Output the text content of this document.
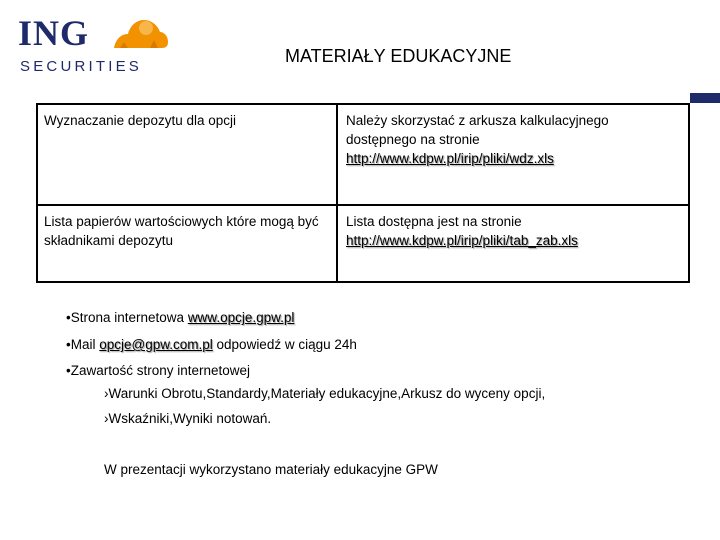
ING
SECURITIES
MATERIAŁY EDUKACYJNE
Wyznaczanie depozytu dla opcji	Należy skorzystać z arkusza kalkulacyjnego dostępnego na stronie
http://www.kdpw.pl/irip/pliki/wdz.xls
Lista papierów wartościowych które mogą być składnikami depozytu
Lista dostępna jest na stronie
http://www.kdpw.pl/irip/pliki/tab_zab.xls
•Strona internetowa www.opcje.gpw.pl
•Mail opcje@gpw.com.pl odpowiedź w ciągu 24h
•Zawartość strony internetowej
›Warunki Obrotu,Standardy,Materiały edukacyjne,Arkusz do wyceny opcji,
›Wskaźniki,Wyniki notowań.
W prezentacji wykorzystano materiały edukacyjne GPW
